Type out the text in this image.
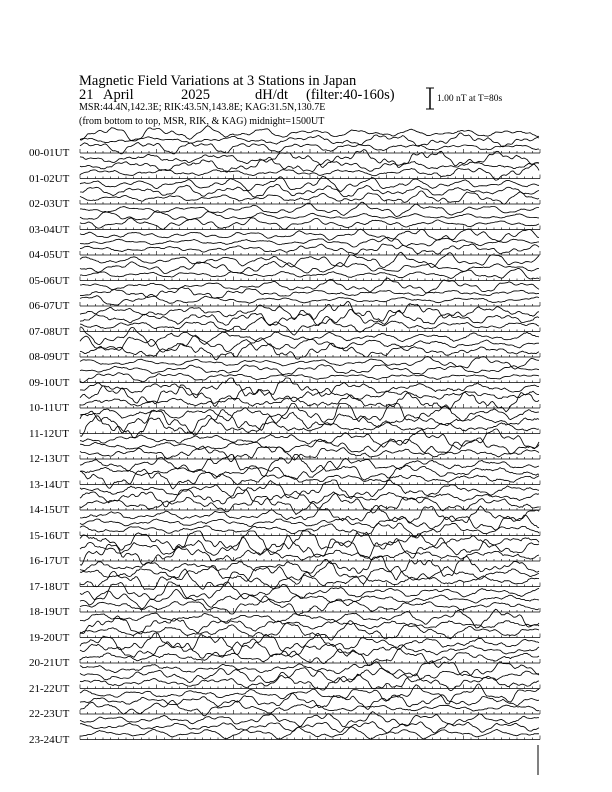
Magnetic Field Variations at 3 Stations in Japan
21 April	2025	dH/dt (filter:40-160s)
MSR:44.4N,142.3E; RIK:43.5N,143.8E; KAG:31.5N,130.7E
(from bottom to top, MSR, RIK, & KAG) midnight=1500UT
1.00 nT at T=80s
00-01UT
01-02UT
02-03UT
03-04UT
04-05UT
05-06UT
06-07UT
07-08UT
08-09UT
09-10UT
10-11UT
11-12UT
12-13UT
13-14UT
14-15UT
15-16UT
16-17UT
17-18UT
18-19UT
19-20UT
20-21UT
21-22UT
22-23UT
23-24UT
